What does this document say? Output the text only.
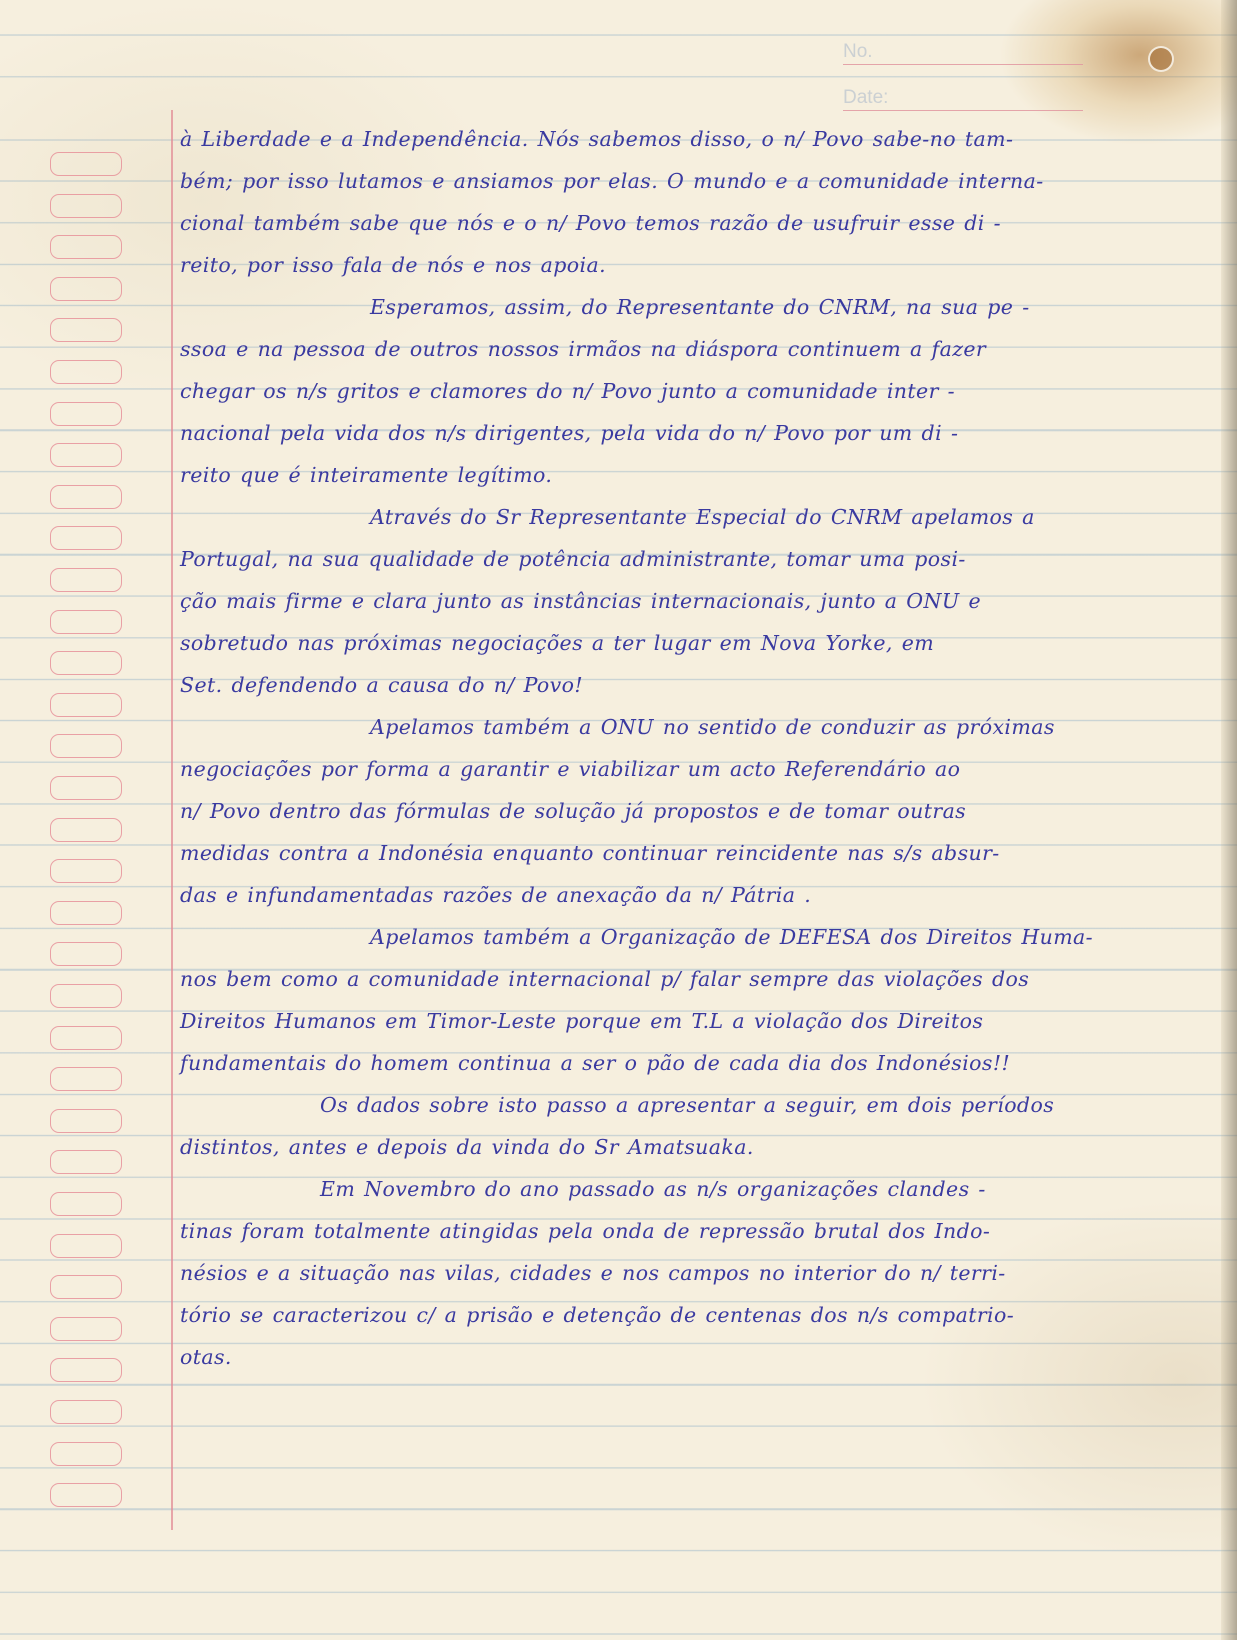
No.
Date:
à Liberdade e a Independência. Nós sabemos disso, o n/ Povo sabe-no tam-
bém; por isso lutamos e ansiamos por elas. O mundo e a comunidade interna-
cional também sabe que nós e o n/ Povo temos razão de usufruir esse di -
reito, por isso fala de nós e nos apoia.
Esperamos, assim, do Representante do CNRM, na sua pe -
ssoa e na pessoa de outros nossos irmãos na diáspora continuem a fazer
chegar os n/s gritos e clamores do n/ Povo junto a comunidade inter -
nacional pela vida dos n/s dirigentes, pela vida do n/ Povo por um di -
reito que é inteiramente legítimo.
Através do Sr Representante Especial do CNRM apelamos a
Portugal, na sua qualidade de potência administrante, tomar uma posi-
ção mais firme e clara junto as instâncias internacionais, junto a ONU e
sobretudo nas próximas negociações a ter lugar em Nova Yorke, em
Set. defendendo a causa do n/ Povo!
Apelamos também a ONU no sentido de conduzir as próximas
negociações por forma a garantir e viabilizar um acto Referendário ao
n/ Povo dentro das fórmulas de solução já propostos e de tomar outras
medidas contra a Indonésia enquanto continuar reincidente nas s/s absur-
das e infundamentadas razões de anexação da n/ Pátria .
Apelamos também a Organização de DEFESA dos Direitos Huma-
nos bem como a comunidade internacional p/ falar sempre das violações dos
Direitos Humanos em Timor-Leste porque em T.L a violação dos Direitos
fundamentais do homem continua a ser o pão de cada dia dos Indonésios!!
Os dados sobre isto passo a apresentar a seguir, em dois períodos
distintos, antes e depois da vinda do Sr Amatsuaka.
Em Novembro do ano passado as n/s organizações clandes -
tinas foram totalmente atingidas pela onda de repressão brutal dos Indo-
nésios e a situação nas vilas, cidades e nos campos no interior do n/ terri-
tório se caracterizou c/ a prisão e detenção de centenas dos n/s compatrio-
otas.
